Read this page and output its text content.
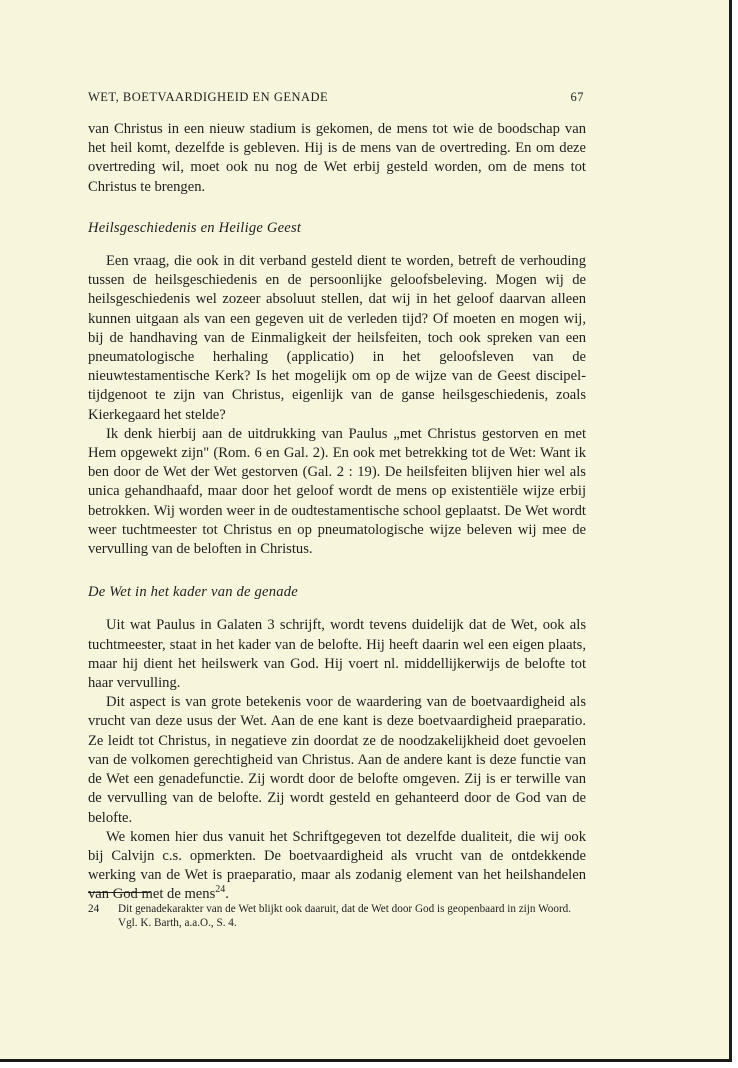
WET, BOETVAARDIGHEID EN GENADE	67

van Christus in een nieuw stadium is gekomen, de mens tot wie de boodschap van het heil komt, dezelfde is gebleven. Hij is de mens van de overtreding. En om deze overtreding wil, moet ook nu nog de Wet erbij gesteld worden, om de mens tot Christus te brengen.

Heilsgeschiedenis en Heilige Geest

Een vraag, die ook in dit verband gesteld dient te worden, betreft de verhouding tussen de heilsgeschiedenis en de persoonlijke geloofsbeleving. Mogen wij de heilsgeschiedenis wel zozeer absoluut stellen, dat wij in het geloof daarvan alleen kunnen uitgaan als van een gegeven uit de verleden tijd? Of moeten en mogen wij, bij de handhaving van de Einmaligkeit der heilsfeiten, toch ook spreken van een pneumatologische herhaling (applicatio) in het geloofsleven van de nieuwtestamentische Kerk? Is het mogelijk om op de wijze van de Geest discipel-tijdgenoot te zijn van Christus, eigenlijk van de ganse heilsgeschiedenis, zoals Kierkegaard het stelde?

Ik denk hierbij aan de uitdrukking van Paulus „met Christus gestorven en met Hem opgewekt zijn" (Rom. 6 en Gal. 2). En ook met betrekking tot de Wet: Want ik ben door de Wet der Wet gestorven (Gal. 2 : 19). De heilsfeiten blijven hier wel als unica gehandhaafd, maar door het geloof wordt de mens op existentiële wijze erbij betrokken. Wij worden weer in de oudtestamentische school geplaatst. De Wet wordt weer tuchtmeester tot Christus en op pneumatologische wijze beleven wij mee de vervulling van de beloften in Christus.

De Wet in het kader van de genade

Uit wat Paulus in Galaten 3 schrijft, wordt tevens duidelijk dat de Wet, ook als tuchtmeester, staat in het kader van de belofte. Hij heeft daarin wel een eigen plaats, maar hij dient het heilswerk van God. Hij voert nl. middellijkerwijs de belofte tot haar vervulling.

Dit aspect is van grote betekenis voor de waardering van de boetvaardigheid als vrucht van deze usus der Wet. Aan de ene kant is deze boetvaardigheid praeparatio. Ze leidt tot Christus, in negatieve zin doordat ze de noodzakelijkheid doet gevoelen van de volkomen gerechtigheid van Christus. Aan de andere kant is deze functie van de Wet een genadefunctie. Zij wordt door de belofte omgeven. Zij is er terwille van de vervulling van de belofte. Zij wordt gesteld en gehanteerd door de God van de belofte.

We komen hier dus vanuit het Schriftgegeven tot dezelfde dualiteit, die wij ook bij Calvijn c.s. opmerkten. De boetvaardigheid als vrucht van de ontdekkende werking van de Wet is praeparatio, maar als zodanig element van het heilshandelen van God met de mens$^{24}$.

24 Dit genadekarakter van de Wet blijkt ook daaruit, dat de Wet door God is geopenbaard in zijn Woord. Vgl. K. Barth, a.a.O., S. 4.
